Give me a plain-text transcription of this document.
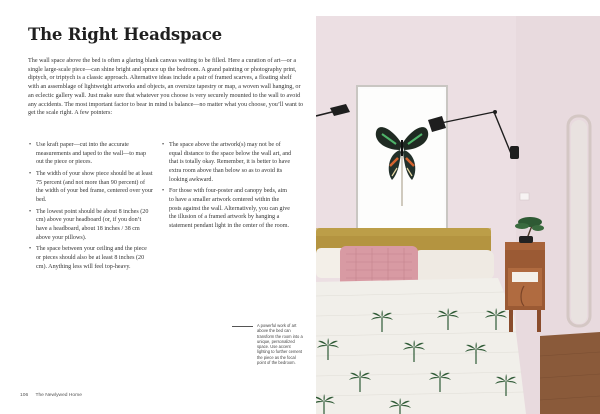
The Right Headspace

The wall space above the bed is often a glaring blank canvas waiting to be filled. Here a curation of art—or a single large-scale piece—can shine bright and spruce up the bedroom. A grand painting or photography print, diptych, or triptych is a classic approach. Alternative ideas include a pair of framed scarves, a floating shelf with an assemblage of lightweight artworks and objects, an oversize tapestry or map, a woven wall hanging, or an eclectic gallery wall. Just make sure that whatever you choose is very securely mounted to the wall to avoid any accidents. The most important factor to bear in mind is balance—no matter what you choose, you’ll want to get the scale right. A few pointers:

• Use kraft paper—cut into the accurate measurements and taped to the wall—to map out the piece or pieces.
• The width of your show piece should be at least 75 percent (and not more than 90 percent) of the width of your bed frame, centered over your bed.
• The lowest point should be about 8 inches (20 cm) above your headboard (or, if you don’t have a headboard, about 18 inches / 38 cm above your pillows).
• The space between your ceiling and the piece or pieces should also be at least 8 inches (20 cm). Anything less will feel top-heavy.
• The space above the artwork(s) may not be of equal distance to the space below the wall art, and that is totally okay. Remember, it is better to have extra room above than below so as to avoid its looking awkward.
• For those with four-poster and canopy beds, aim to have a smaller artwork centered within the posts against the wall. Alternatively, you can give the illusion of a framed artwork by hanging a statement pendant light in the center of the room.

A powerful work of art above the bed can transform the room into a unique, personalized space. Use accent lighting to further cement the piece as the focal point of the bedroom.

106 The Newlywed Home
